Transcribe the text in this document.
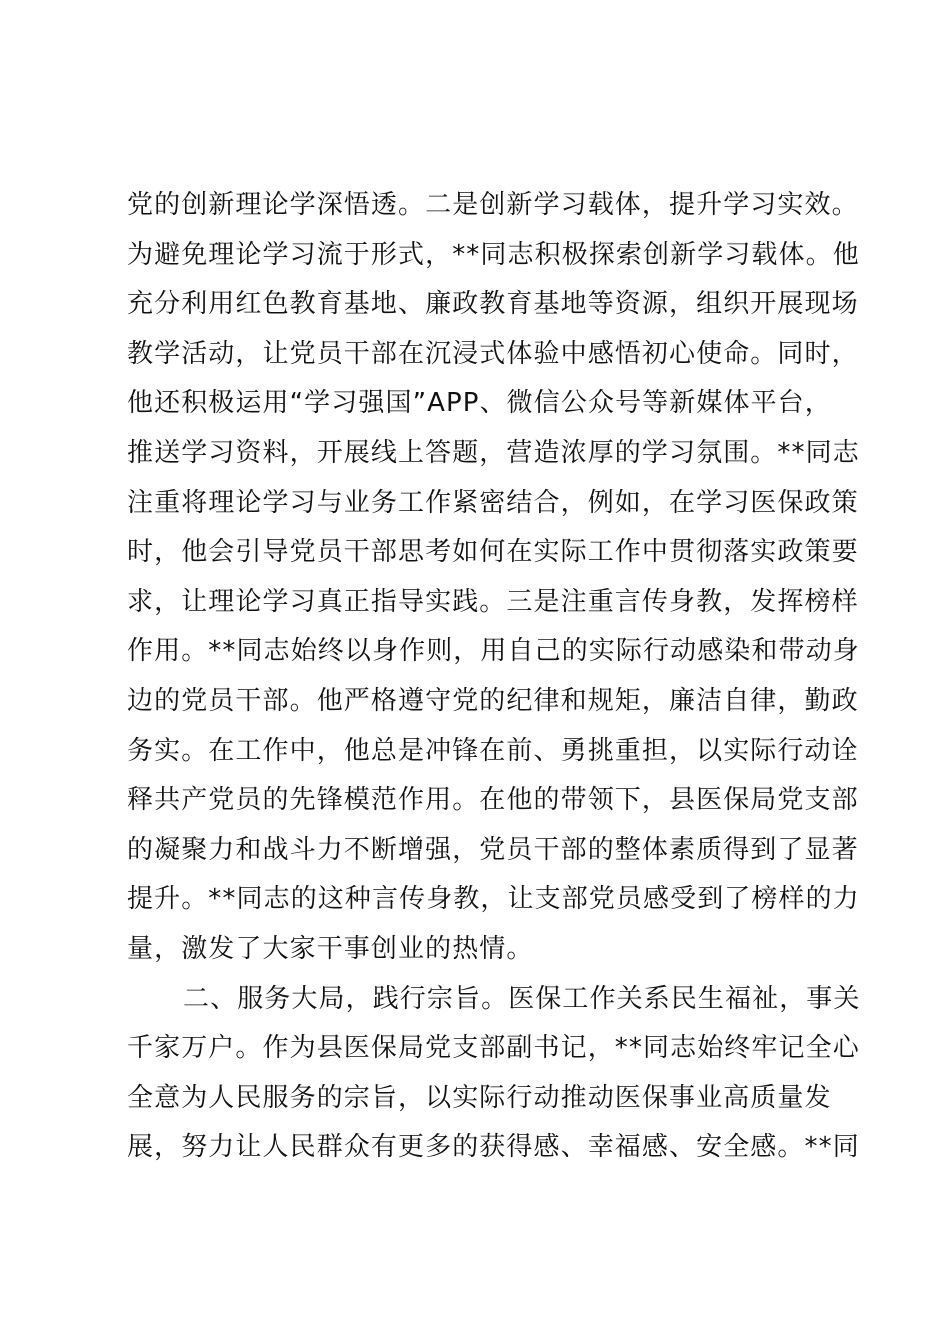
党的创新理论学深悟透。二是创新学习载体，提升学习实效。
为避免理论学习流于形式，**同志积极探索创新学习载体。他
充分利用红色教育基地、廉政教育基地等资源，组织开展现场
教学活动，让党员干部在沉浸式体验中感悟初心使命。同时，
他还积极运用“学习强国”APP、微信公众号等新媒体平台，
推送学习资料，开展线上答题，营造浓厚的学习氛围。**同志
注重将理论学习与业务工作紧密结合，例如，在学习医保政策
时，他会引导党员干部思考如何在实际工作中贯彻落实政策要
求，让理论学习真正指导实践。三是注重言传身教，发挥榜样
作用。**同志始终以身作则，用自己的实际行动感染和带动身
边的党员干部。他严格遵守党的纪律和规矩，廉洁自律，勤政
务实。在工作中，他总是冲锋在前、勇挑重担，以实际行动诠
释共产党员的先锋模范作用。在他的带领下，县医保局党支部
的凝聚力和战斗力不断增强，党员干部的整体素质得到了显著
提升。**同志的这种言传身教，让支部党员感受到了榜样的力
量，激发了大家干事创业的热情。
二、服务大局，践行宗旨。医保工作关系民生福祉，事关
千家万户。作为县医保局党支部副书记，**同志始终牢记全心
全意为人民服务的宗旨，以实际行动推动医保事业高质量发
展，努力让人民群众有更多的获得感、幸福感、安全感。**同
